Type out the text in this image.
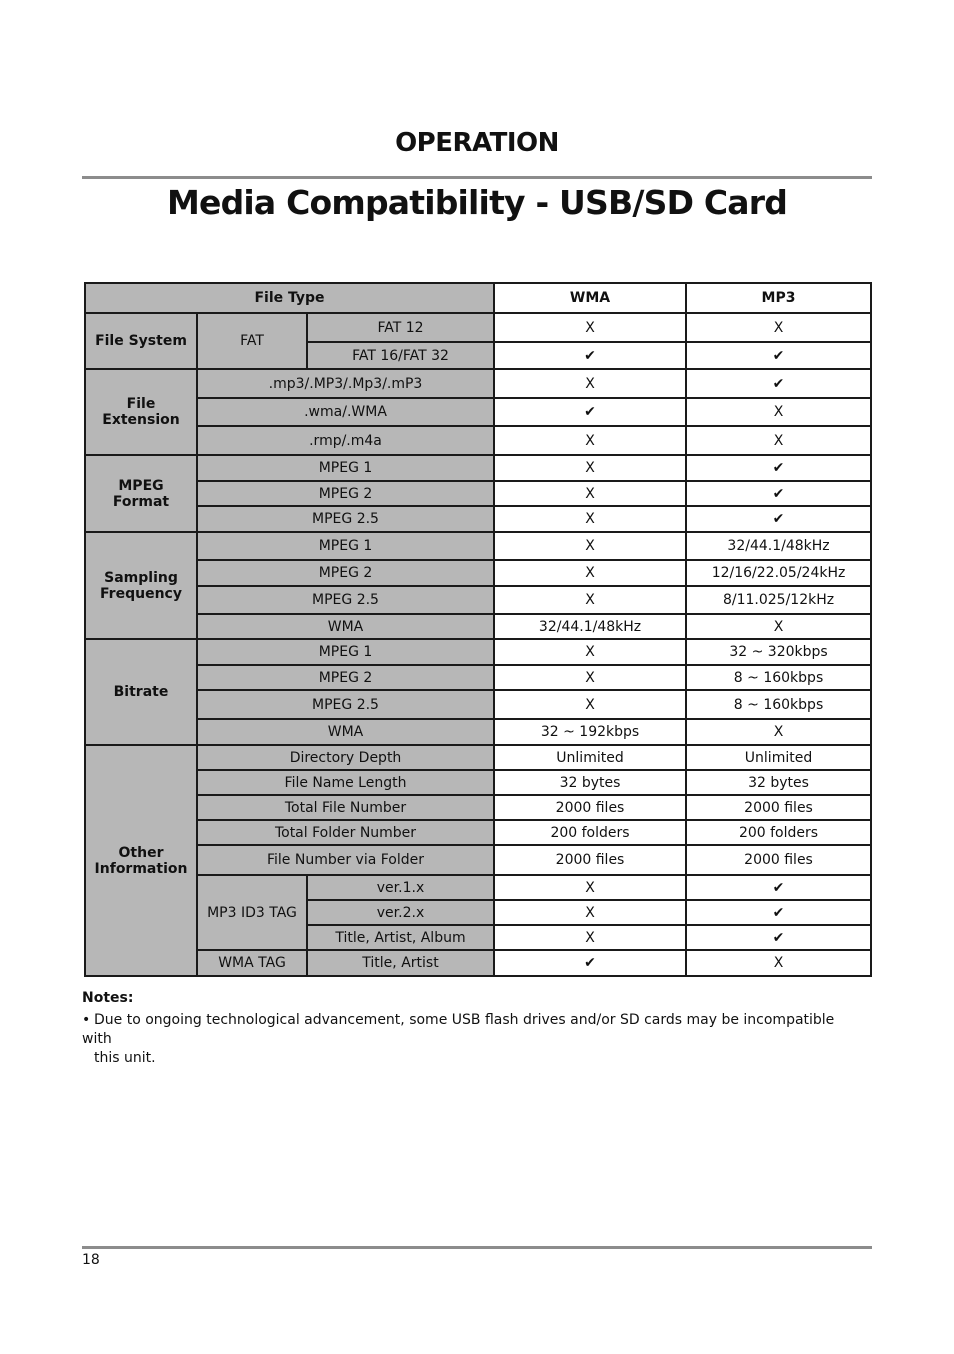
OPERATION
Media Compatibility - USB/SD Card
File Type			WMA	MP3
File System	FAT	FAT 12	X	X
		FAT 16/FAT 32	✔	✔
File
Extension	.mp3/.MP3/.Mp3/.mP3		X	✔
	.wma/.WMA		✔	X
	.rmp/.m4a		X	X
MPEG
Format	MPEG 1		X	✔
	MPEG 2		X	✔
	MPEG 2.5		X	✔
Sampling
Frequency	MPEG 1		X	32/44.1/48kHz
	MPEG 2		X	12/16/22.05/24kHz
	MPEG 2.5		X	8/11.025/12kHz
	WMA		32/44.1/48kHz	X
Bitrate	MPEG 1		X	32 ~ 320kbps
	MPEG 2		X	8 ~ 160kbps
	MPEG 2.5		X	8 ~ 160kbps
	WMA		32 ~ 192kbps	X
Other
Information	Directory Depth		Unlimited	Unlimited
	File Name Length		32 bytes	32 bytes
	Total File Number		2000 files	2000 files
	Total Folder Number		200 folders	200 folders
	File Number via Folder		2000 files	2000 files
	MP3 ID3 TAG	ver.1.x	X	✔
		ver.2.x	X	✔
		Title, Artist, Album	X	✔
	WMA TAG	Title, Artist	✔	X
Notes:
• Due to ongoing technological advancement, some USB flash drives and/or SD cards may be incompatible with
this unit.
18
